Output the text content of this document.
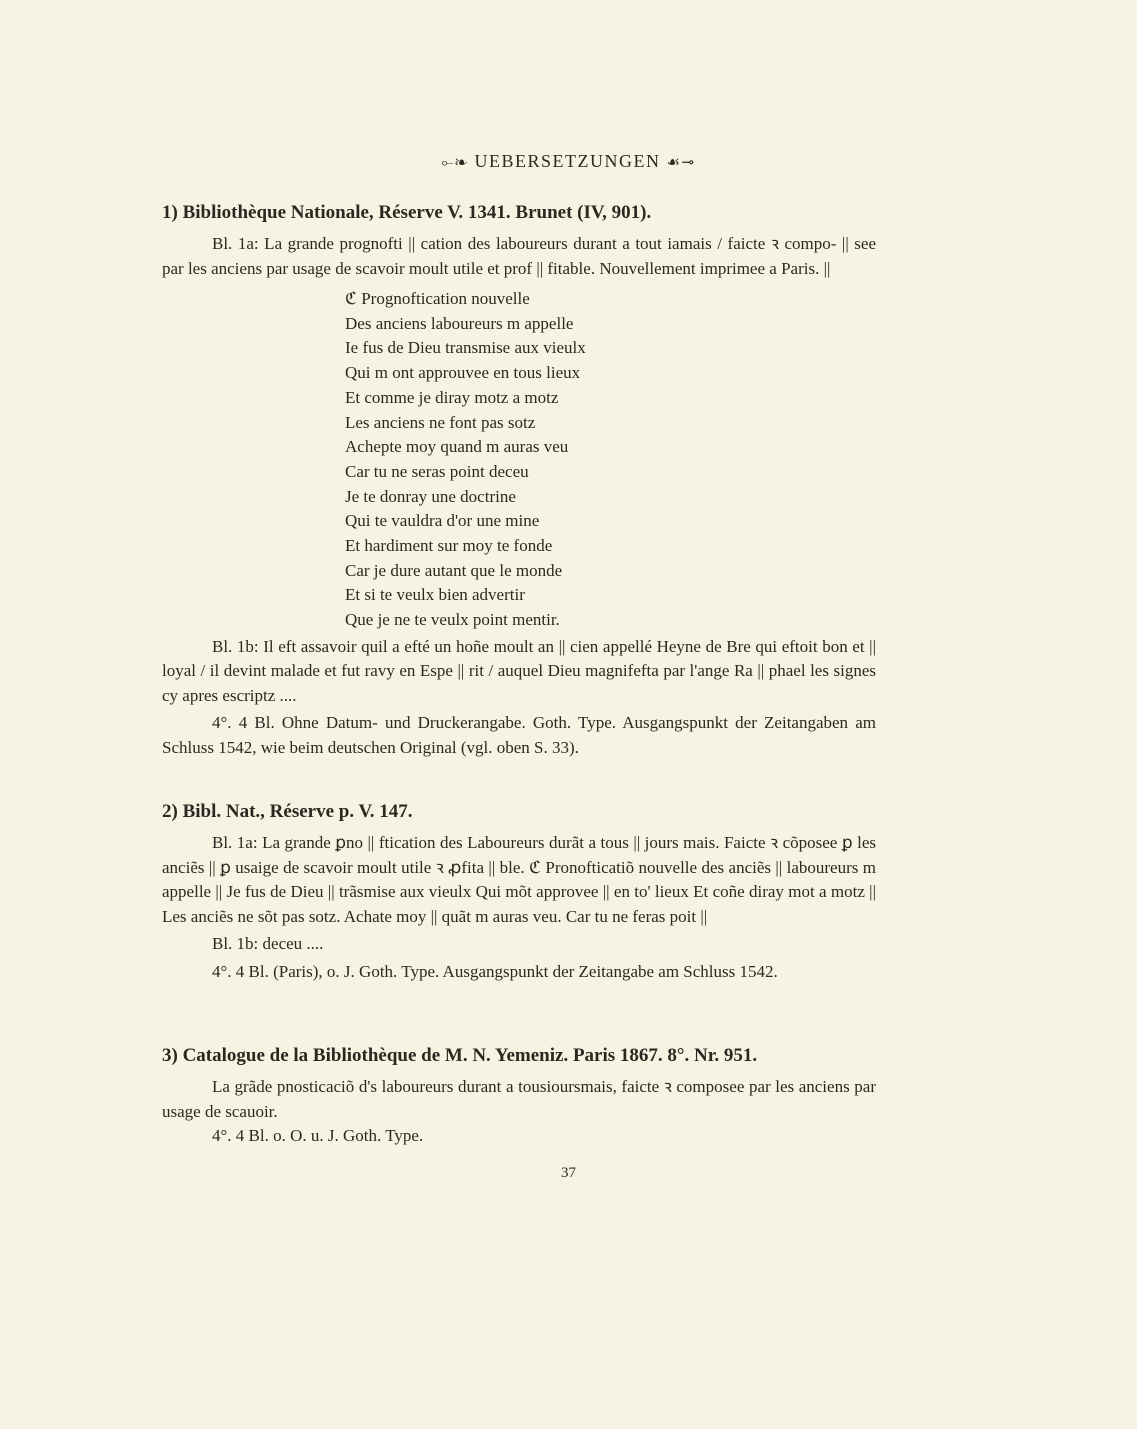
⟜❧ UEBERSETZUNGEN ☙⊸
1) Bibliothèque Nationale, Réserve V. 1341. Brunet (IV, 901).

Bl. 1a: La grande prognofti || cation des laboureurs durant a tout iamais / faicte ꝛ compo- || see par les anciens par usage de scavoir moult utile et prof || fitable. Nouvellement imprimee a Paris. ||

ℭ Prognoftication nouvelle
Des anciens laboureurs m appelle
Ie fus de Dieu transmise aux vieulx
Qui m ont approuvee en tous lieux
Et comme je diray motz a motz
Les anciens ne font pas sotz
Achepte moy quand m auras veu
Car tu ne seras point deceu
Je te donray une doctrine
Qui te vauldra d'or une mine
Et hardiment sur moy te fonde
Car je dure autant que le monde
Et si te veulx bien advertir
Que je ne te veulx point mentir.

Bl. 1b: Il eft assavoir quil a efté un hoñe moult an || cien appellé Heyne de Bre qui eftoit bon et || loyal / il devint malade et fut ravy en Espe || rit / auquel Dieu magnifefta par l'ange Ra || phael les signes cy apres escriptz ....

4°. 4 Bl. Ohne Datum- und Druckerangabe. Goth. Type. Ausgangspunkt der Zeitangaben am Schluss 1542, wie beim deutschen Original (vgl. oben S. 33).

2) Bibl. Nat., Réserve p. V. 147.

Bl. 1a: La grande ꝑno || ftication des Laboureurs durãt a tous || jours mais. Faicte ꝛ cõposee ꝑ les anciẽs || ꝑ usaige de scavoir moult utile ꝛ ꝓfita || ble. ℭ Pronofticatiõ nouvelle des anciẽs || laboureurs m appelle || Je fus de Dieu || trãsmise aux vieulx Qui mõt approvee || en to' lieux Et coñe diray mot a motz || Les anciẽs ne sõt pas sotz. Achate moy || quãt m auras veu. Car tu ne feras poit ||

Bl. 1b: deceu ....

4°. 4 Bl. (Paris), o. J. Goth. Type. Ausgangspunkt der Zeitangabe am Schluss 1542.

3) Catalogue de la Bibliothèque de M. N. Yemeniz. Paris 1867. 8°. Nr. 951.

La grãde pnosticaciõ d's laboureurs durant a tousioursmais, faicte ꝛ composee par les anciens par usage de scauoir.

4°. 4 Bl. o. O. u. J. Goth. Type.

37
